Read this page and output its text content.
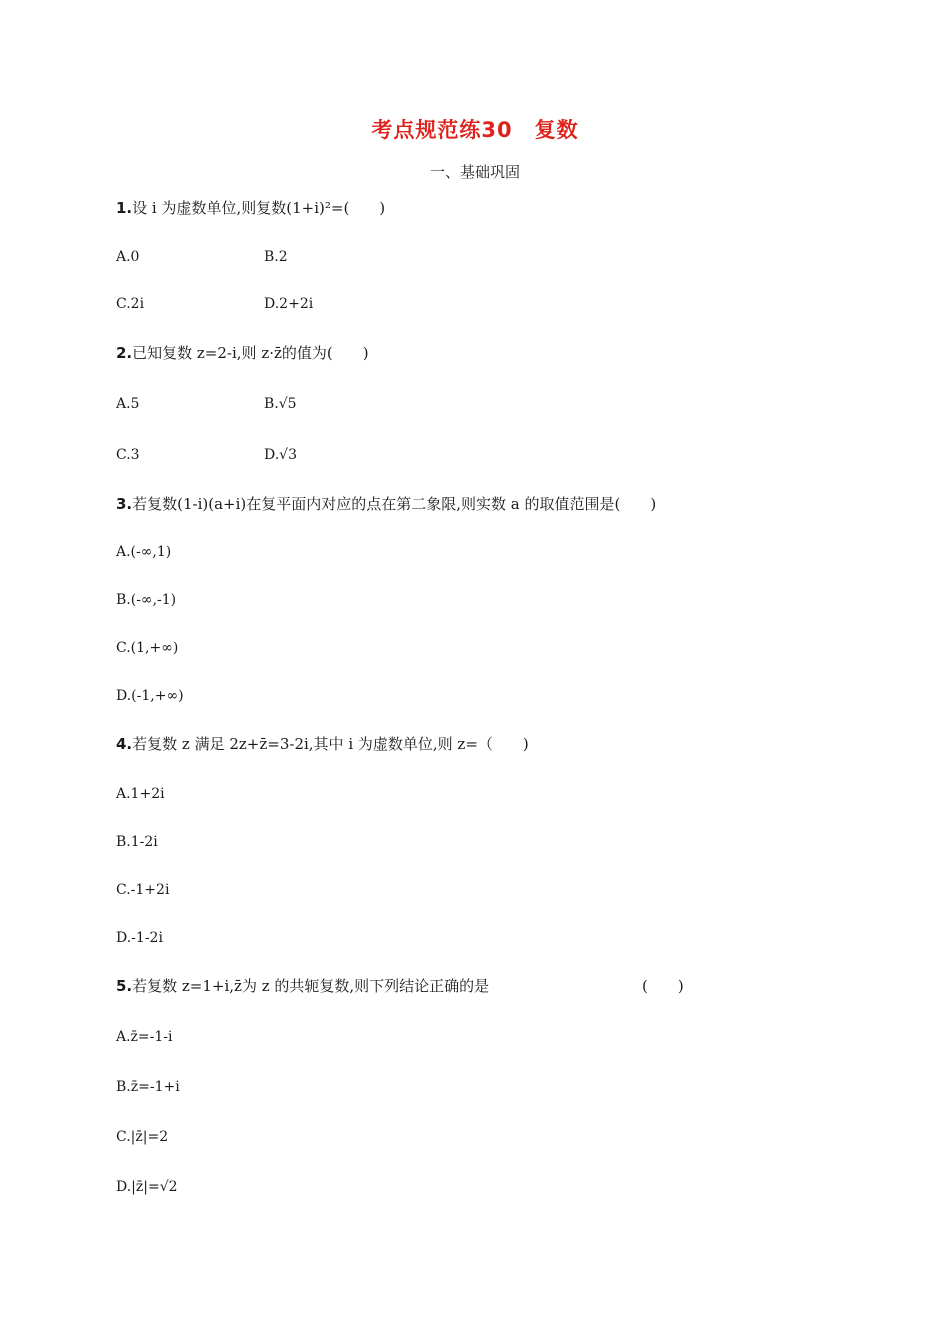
考点规范练30　复数
一、基础巩固
1.设 i 为虚数单位,则复数(1+i)²=(　　)
A.0	B.2
C.2i	D.2+2i
2.已知复数 z=2-i,则 z·z̄的值为(　　)
A.5	B.√5
C.3	D.√3
3.若复数(1-i)(a+i)在复平面内对应的点在第二象限,则实数 a 的取值范围是(　　)
A.(-∞,1)
B.(-∞,-1)
C.(1,+∞)
D.(-1,+∞)
4.若复数 z 满足 2z+z̄=3-2i,其中 i 为虚数单位,则 z=（　　)
A.1+2i
B.1-2i
C.-1+2i
D.-1-2i
5.若复数 z=1+i,z̄为 z 的共轭复数,则下列结论正确的是	(　　)
A.z̄=-1-i
B.z̄=-1+i
C.|z̄|=2
D.|z̄|=√2
